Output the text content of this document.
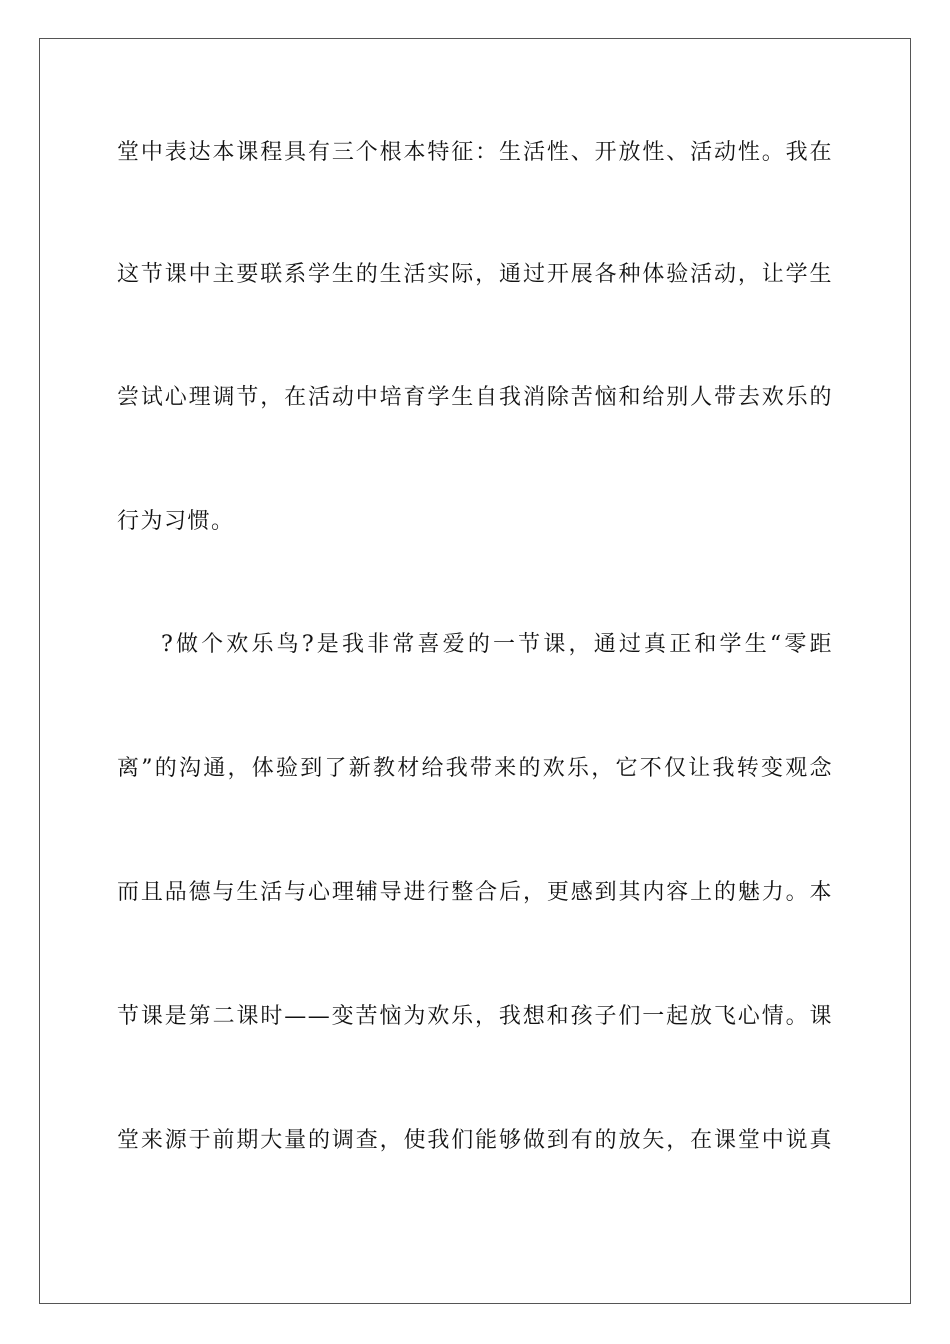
堂中表达本课程具有三个根本特征：生活性、开放性、活动性。我在
这节课中主要联系学生的生活实际，通过开展各种体验活动，让学生
尝试心理调节，在活动中培育学生自我消除苦恼和给别人带去欢乐的
行为习惯。
?做个欢乐鸟?是我非常喜爱的一节课，通过真正和学生“零距
离”的沟通，体验到了新教材给我带来的欢乐，它不仅让我转变观念
而且品德与生活与心理辅导进行整合后，更感到其内容上的魅力。本
节课是第二课时——变苦恼为欢乐，我想和孩子们一起放飞心情。课
堂来源于前期大量的调查，使我们能够做到有的放矢，在课堂中说真
